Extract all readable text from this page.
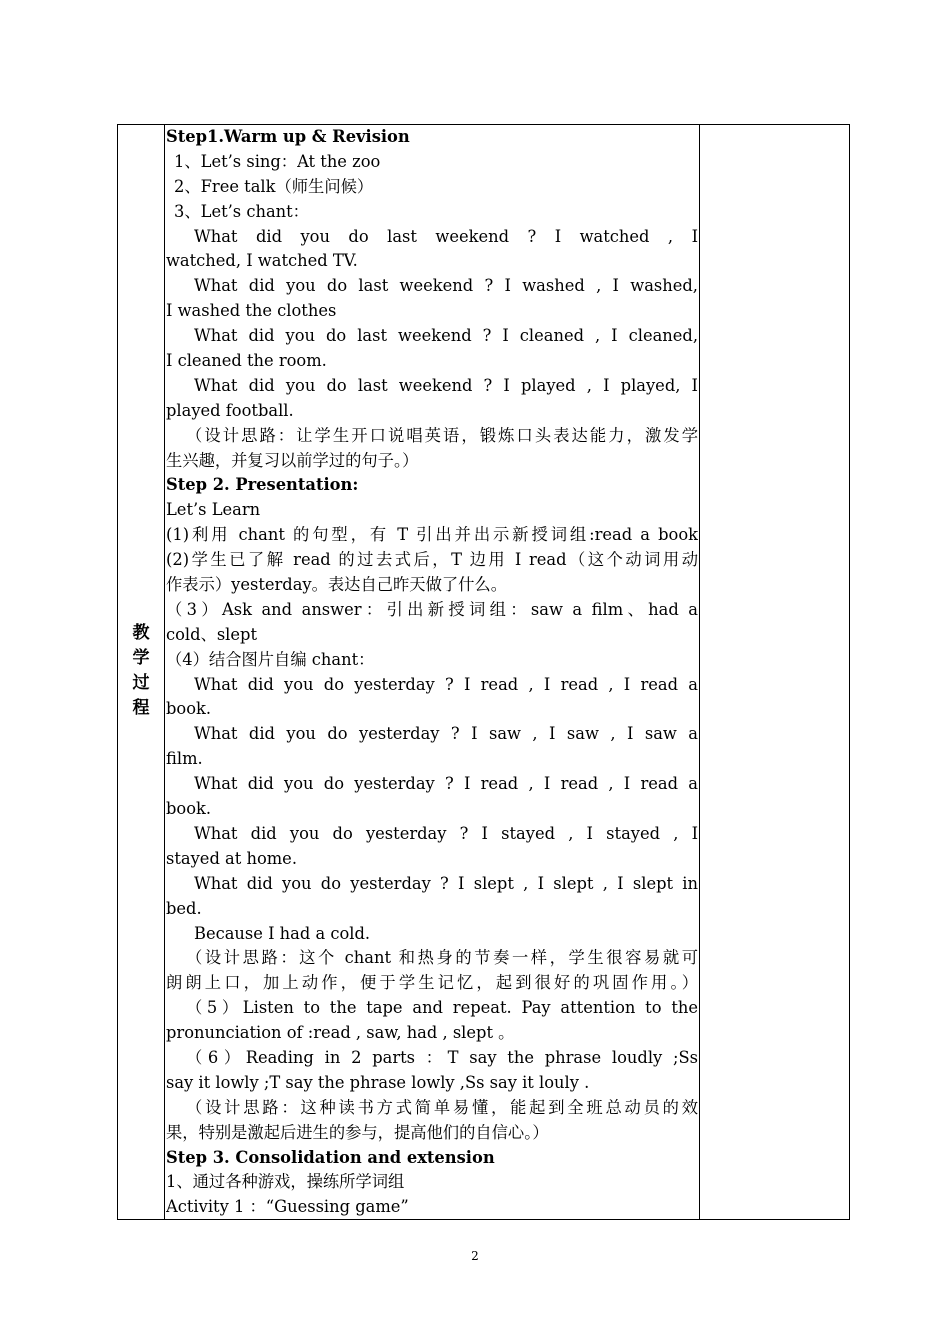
教
学
过
程
Step1.Warm up & Revision
1、Let’s sing：At the zoo
2、Free talk（师生问候）
3、Let’s chant：
What did you do last weekend ? I watched , I
watched, I watched TV.
What did you do last weekend ? I washed , I washed,
I washed the clothes
What did you do last weekend ? I cleaned , I cleaned,
I cleaned the room.
What did you do last weekend ? I played , I played, I
played football.
（设计思路：让学生开口说唱英语，锻炼口头表达能力，激发学
生兴趣，并复习以前学过的句子。）
Step 2. Presentation:
Let’s Learn
(1)利用 chant 的句型，有 T 引出并出示新授词组:read a book
(2)学生已了解 read 的过去式后，T 边用 I read（这个动词用动
作表示）yesterday。表达自己昨天做了什么。
（3）Ask and answer：引出新授词组：saw a film、had a
cold、slept
（4）结合图片自编 chant：
What did you do yesterday ? I read , I read , I read a
book.
What did you do yesterday ? I saw , I saw , I saw a
film.
What did you do yesterday ? I read , I read , I read a
book.
What did you do yesterday ? I stayed , I stayed , I
stayed at home.
What did you do yesterday ? I slept , I slept , I slept in
bed.
Because I had a cold.
（设计思路：这个 chant 和热身的节奏一样，学生很容易就可
朗朗上口，加上动作，便于学生记忆，起到很好的巩固作用。）
（5）Listen to the tape and repeat. Pay attention to the
pronunciation of :read , saw, had , slept 。
（6）Reading in 2 parts ：T say the phrase loudly ;Ss
say it lowly ;T say the phrase lowly ,Ss say it louly .
（设计思路：这种读书方式简单易懂，能起到全班总动员的效
果，特别是激起后进生的参与，提高他们的自信心。）
Step 3. Consolidation and extension
1、通过各种游戏，操练所学词组
Activity 1 ：“Guessing game”
2
